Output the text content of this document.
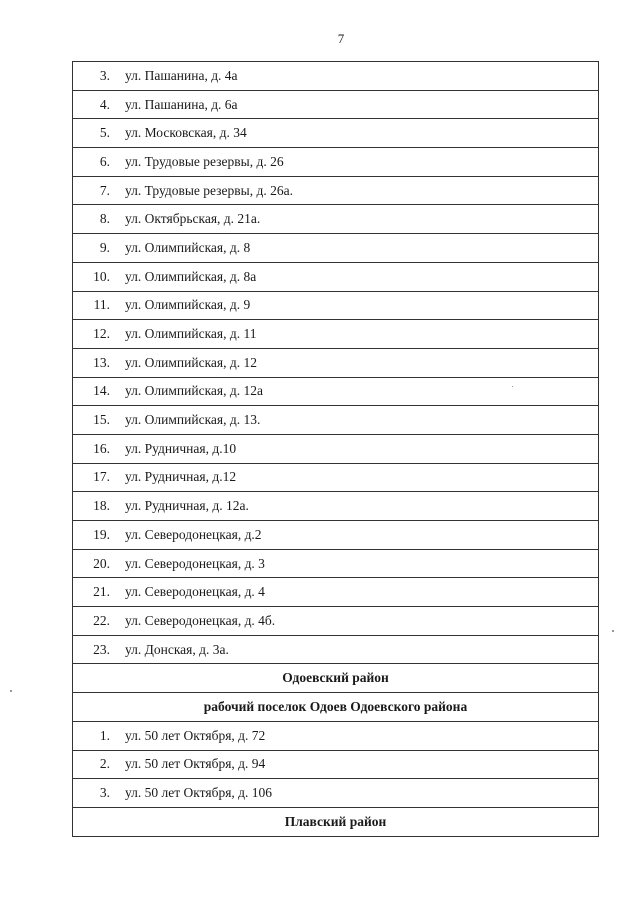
7
3.	ул. Пашанина, д. 4а
4.	ул. Пашанина, д. 6а
5.	ул. Московская, д. 34
6.	ул. Трудовые резервы, д. 26
7.	ул. Трудовые резервы, д. 26а.
8.	ул. Октябрьская, д. 21а.
9.	ул. Олимпийская, д. 8
10.	ул. Олимпийская, д. 8а
11.	ул. Олимпийская, д. 9
12.	ул. Олимпийская, д. 11
13.	ул. Олимпийская, д. 12
14.	ул. Олимпийская, д. 12а
15.	ул. Олимпийская, д. 13.
16.	ул. Рудничная, д.10
17.	ул. Рудничная, д.12
18.	ул. Рудничная, д. 12а.
19.	ул. Северодонецкая, д.2
20.	ул. Северодонецкая, д. 3
21.	ул. Северодонецкая, д. 4
22.	ул. Северодонецкая, д. 4б.
23.	ул. Донская, д. 3а.
Одоевский район	
рабочий поселок Одоев Одоевского района	
1.	ул. 50 лет Октября, д. 72
2.	ул. 50 лет Октября, д. 94
3.	ул. 50 лет Октября, д. 106
Плавский район	
